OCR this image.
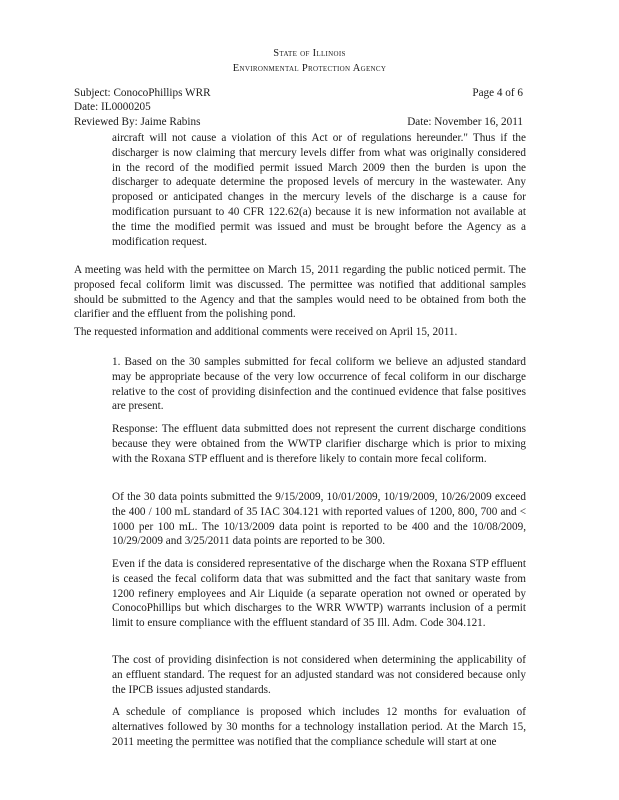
State of Illinois
Environmental Protection Agency
Subject: ConocoPhillips WRR
Date: IL0000205
Reviewed By: Jaime Rabins
Page 4 of 6
Date: November 16, 2011

aircraft will not cause a violation of this Act or of regulations hereunder." Thus if the discharger is now claiming that mercury levels differ from what was originally considered in the record of the modified permit issued March 2009 then the burden is upon the discharger to adequate determine the proposed levels of mercury in the wastewater. Any proposed or anticipated changes in the mercury levels of the discharge is a cause for modification pursuant to 40 CFR 122.62(a) because it is new information not available at the time the modified permit was issued and must be brought before the Agency as a modification request.

A meeting was held with the permittee on March 15, 2011 regarding the public noticed permit. The proposed fecal coliform limit was discussed. The permittee was notified that additional samples should be submitted to the Agency and that the samples would need to be obtained from both the clarifier and the effluent from the polishing pond.

The requested information and additional comments were received on April 15, 2011.

1. Based on the 30 samples submitted for fecal coliform we believe an adjusted standard may be appropriate because of the very low occurrence of fecal coliform in our discharge relative to the cost of providing disinfection and the continued evidence that false positives are present.

Response: The effluent data submitted does not represent the current discharge conditions because they were obtained from the WWTP clarifier discharge which is prior to mixing with the Roxana STP effluent and is therefore likely to contain more fecal coliform.

Of the 30 data points submitted the 9/15/2009, 10/01/2009, 10/19/2009, 10/26/2009 exceed the 400 / 100 mL standard of 35 IAC 304.121 with reported values of 1200, 800, 700 and < 1000 per 100 mL. The 10/13/2009 data point is reported to be 400 and the 10/08/2009, 10/29/2009 and 3/25/2011 data points are reported to be 300.

Even if the data is considered representative of the discharge when the Roxana STP effluent is ceased the fecal coliform data that was submitted and the fact that sanitary waste from 1200 refinery employees and Air Liquide (a separate operation not owned or operated by ConocoPhillips but which discharges to the WRR WWTP) warrants inclusion of a permit limit to ensure compliance with the effluent standard of 35 Ill. Adm. Code 304.121.

The cost of providing disinfection is not considered when determining the applicability of an effluent standard. The request for an adjusted standard was not considered because only the IPCB issues adjusted standards.

A schedule of compliance is proposed which includes 12 months for evaluation of alternatives followed by 30 months for a technology installation period. At the March 15, 2011 meeting the permittee was notified that the compliance schedule will start at one
